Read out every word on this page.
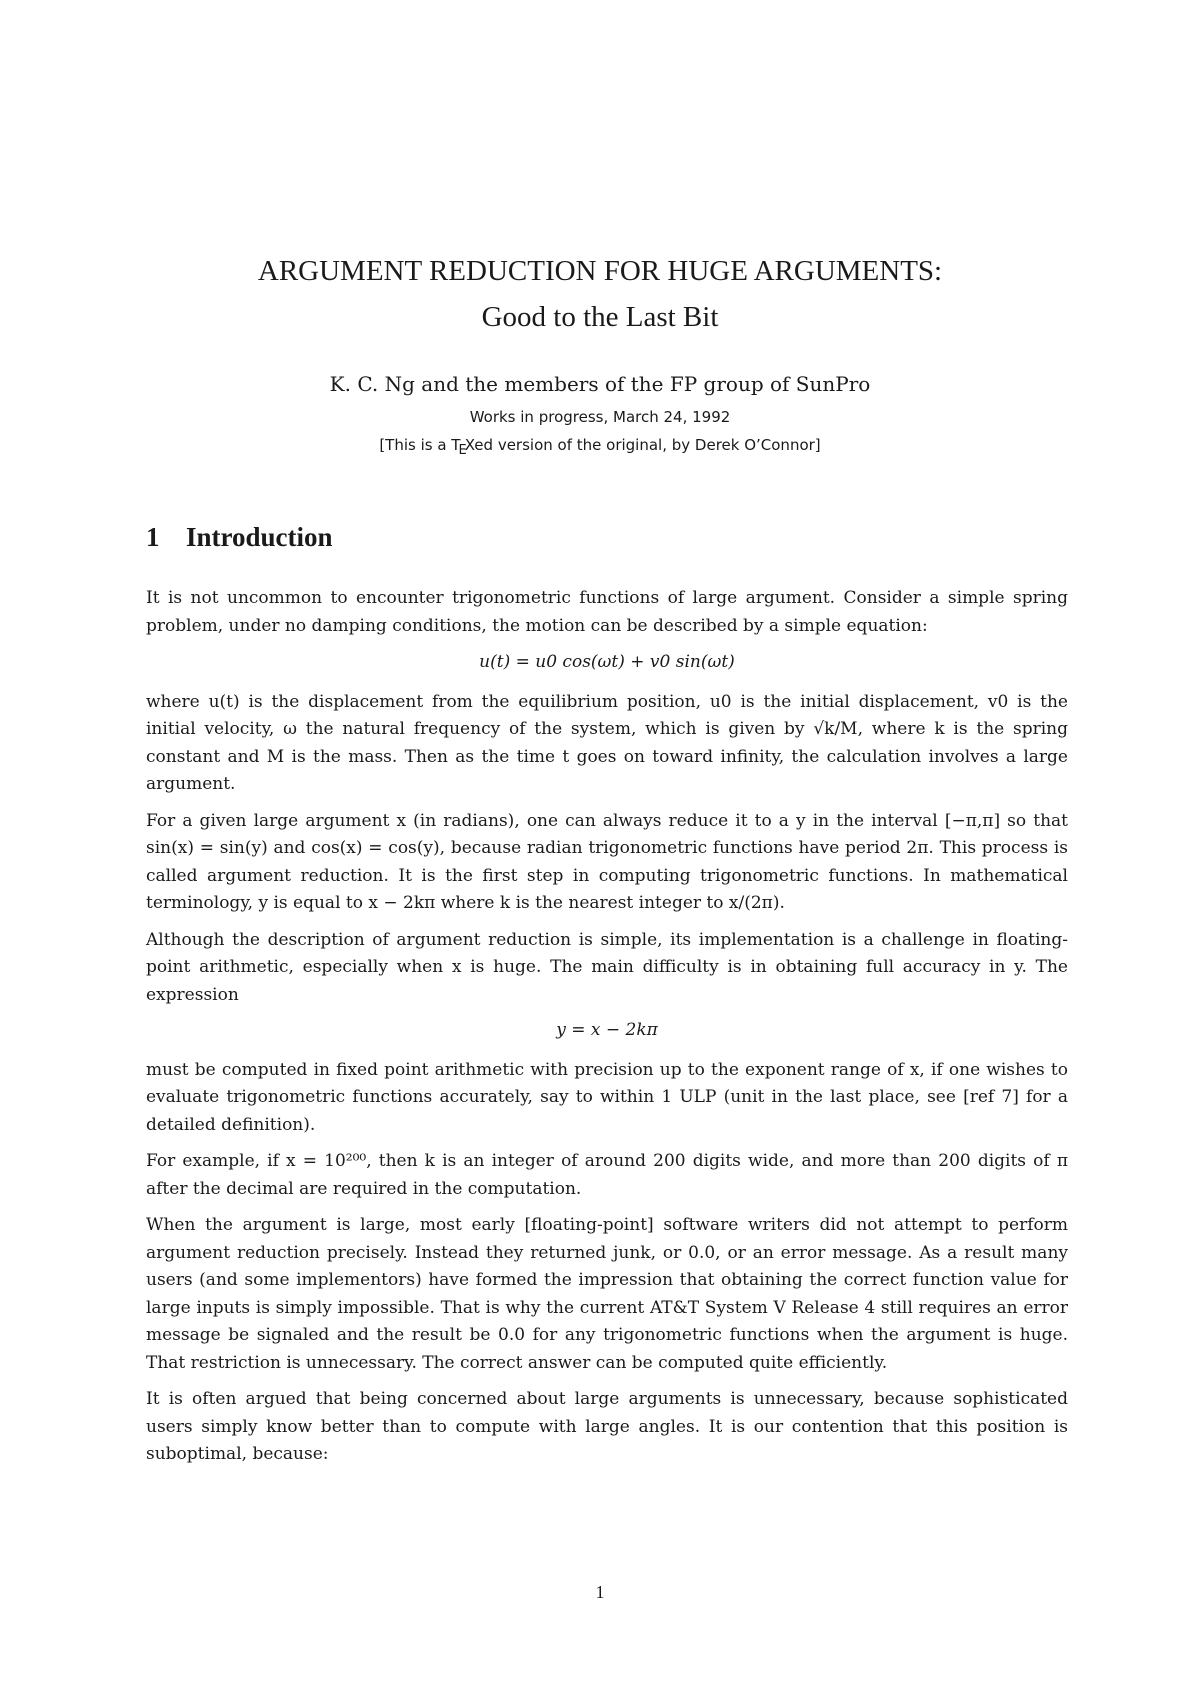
ARGUMENT REDUCTION FOR HUGE ARGUMENTS:
Good to the Last Bit
K. C. Ng and the members of the FP group of SunPro
Works in progress, March 24, 1992
[This is a TEXed version of the original, by Derek O’Connor]
1 Introduction

It is not uncommon to encounter trigonometric functions of large argument. Consider a simple spring problem, under no damping conditions, the motion can be described by a simple equation:

u(t) = u0 cos(ωt) + v0 sin(ωt)

where u(t) is the displacement from the equilibrium position, u0 is the initial displacement, v0 is the initial velocity, ω the natural frequency of the system, which is given by √k/M, where k is the spring constant and M is the mass. Then as the time t goes on toward infinity, the calculation involves a large argument.

For a given large argument x (in radians), one can always reduce it to a y in the interval [−π,π] so that sin(x) = sin(y) and cos(x) = cos(y), because radian trigonometric functions have period 2π. This process is called argument reduction. It is the first step in computing trigonometric functions. In mathematical terminology, y is equal to x − 2kπ where k is the nearest integer to x/(2π).

Although the description of argument reduction is simple, its implementation is a challenge in floating-point arithmetic, especially when x is huge. The main difficulty is in obtaining full accuracy in y. The expression

y = x − 2kπ

must be computed in fixed point arithmetic with precision up to the exponent range of x, if one wishes to evaluate trigonometric functions accurately, say to within 1 ULP (unit in the last place, see [ref 7] for a detailed definition).

For example, if x = 10²⁰⁰, then k is an integer of around 200 digits wide, and more than 200 digits of π after the decimal are required in the computation.

When the argument is large, most early [floating-point] software writers did not attempt to perform argument reduction precisely. Instead they returned junk, or 0.0, or an error message. As a result many users (and some implementors) have formed the impression that obtaining the correct function value for large inputs is simply impossible. That is why the current AT&T System V Release 4 still requires an error message be signaled and the result be 0.0 for any trigonometric functions when the argument is huge. That restriction is unnecessary. The correct answer can be computed quite efficiently.

It is often argued that being concerned about large arguments is unnecessary, because sophisticated users simply know better than to compute with large angles. It is our contention that this position is suboptimal, because:

1
